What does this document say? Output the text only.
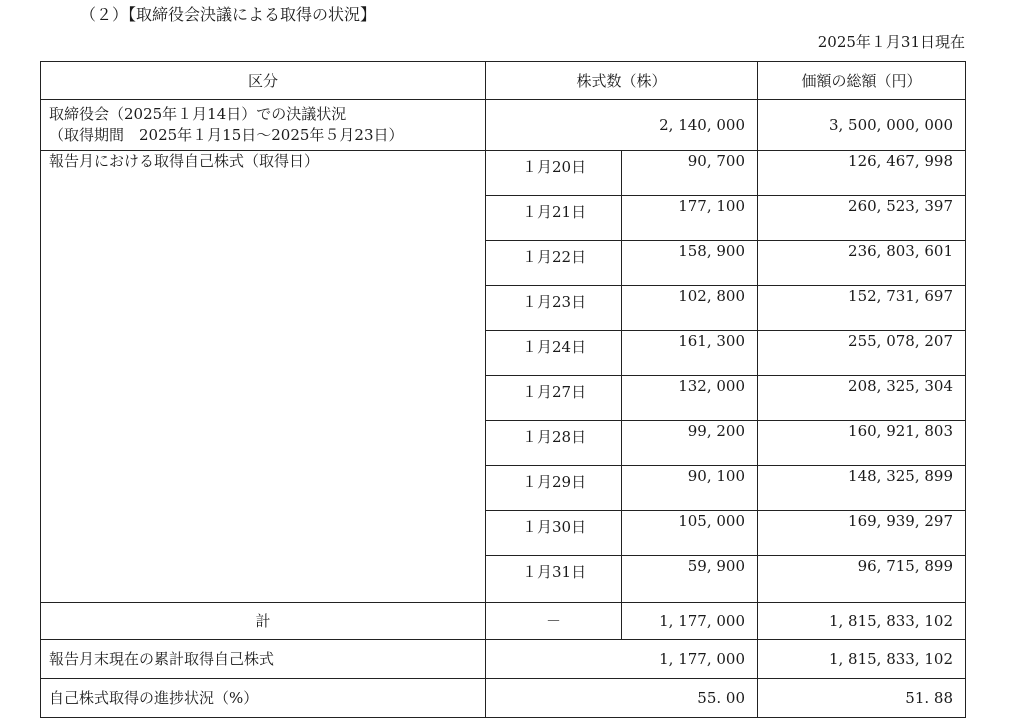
（２）【取締役会決議による取得の状況】
2025年１月31日現在
区分	株式数（株）		価額の総額（円）

取締役会（2025年１月14日）での決議状況
（取得期間　2025年１月15日～2025年５月23日）	2, 140, 000		3, 500, 000, 000
報告月における取得自己株式（取得日）	１月20日	90, 700	126, 467, 998
	１月21日	177, 100	260, 523, 397
	１月22日	158, 900	236, 803, 601
	１月23日	102, 800	152, 731, 697
	１月24日	161, 300	255, 078, 207
	１月27日	132, 000	208, 325, 304
	１月28日	99, 200	160, 921, 803
	１月29日	90, 100	148, 325, 899
	１月30日	105, 000	169, 939, 297
	１月31日	59, 900	96, 715, 899
計	－	1, 177, 000	1, 815, 833, 102
報告月末現在の累計取得自己株式	1, 177, 000		1, 815, 833, 102
自己株式取得の進捗状況（%）	55. 00		51. 88
